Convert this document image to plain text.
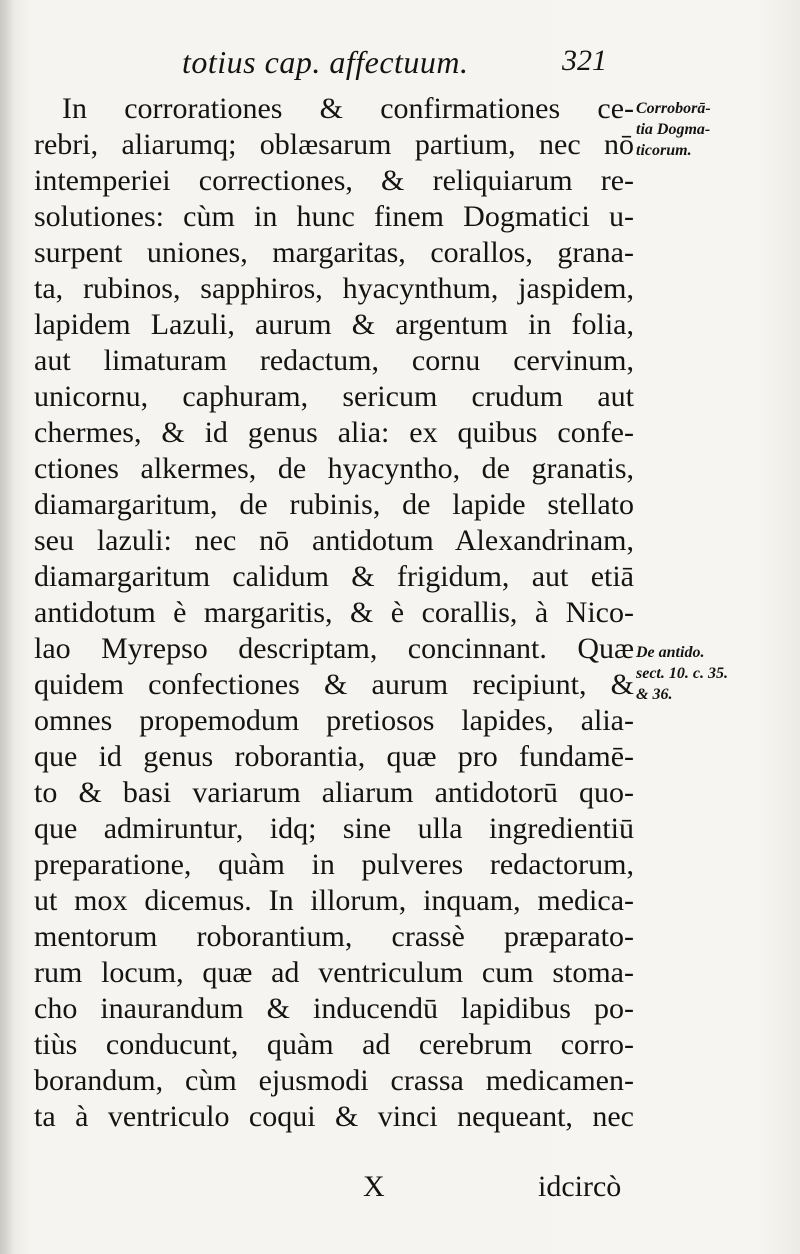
totius cap. affectuum.	321
In corrorationes & confirmationes ce-
rebri, aliarumq; oblæsarum partium, nec nō
intemperiei correctiones, & reliquiarum re-
solutiones: cùm in hunc finem Dogmatici u-
surpent uniones, margaritas, corallos, grana-
ta, rubinos, sapphiros, hyacynthum, jaspidem,
lapidem Lazuli, aurum & argentum in folia,
aut limaturam redactum, cornu cervinum,
unicornu, caphuram, sericum crudum aut
chermes, & id genus alia: ex quibus confe-
ctiones alkermes, de hyacyntho, de granatis,
diamargaritum, de rubinis, de lapide stellato
seu lazuli: nec nō antidotum Alexandrinam,
diamargaritum calidum & frigidum, aut etiā
antidotum è margaritis, & è corallis, à Nico-
lao Myrepso descriptam, concinnant. Quæ
quidem confectiones & aurum recipiunt, &
omnes propemodum pretiosos lapides, alia-
que id genus roborantia, quæ pro fundamē-
to & basi variarum aliarum antidotorū quo-
que admiruntur, idq; sine ulla ingredientiū
preparatione, quàm in pulveres redactorum,
ut mox dicemus. In illorum, inquam, medica-
mentorum roborantium, crassè præparato-
rum locum, quæ ad ventriculum cum stoma-
cho inaurandum & inducendū lapidibus po-
tiùs conducunt, quàm ad cerebrum corro-
borandum, cùm ejusmodi crassa medicamen-
ta à ventriculo coqui & vinci nequeant, nec
Corroborā-
tia Dogma-
ticorum.
De antido.
sect. 10. c. 35.
& 36.
X	idcircò
